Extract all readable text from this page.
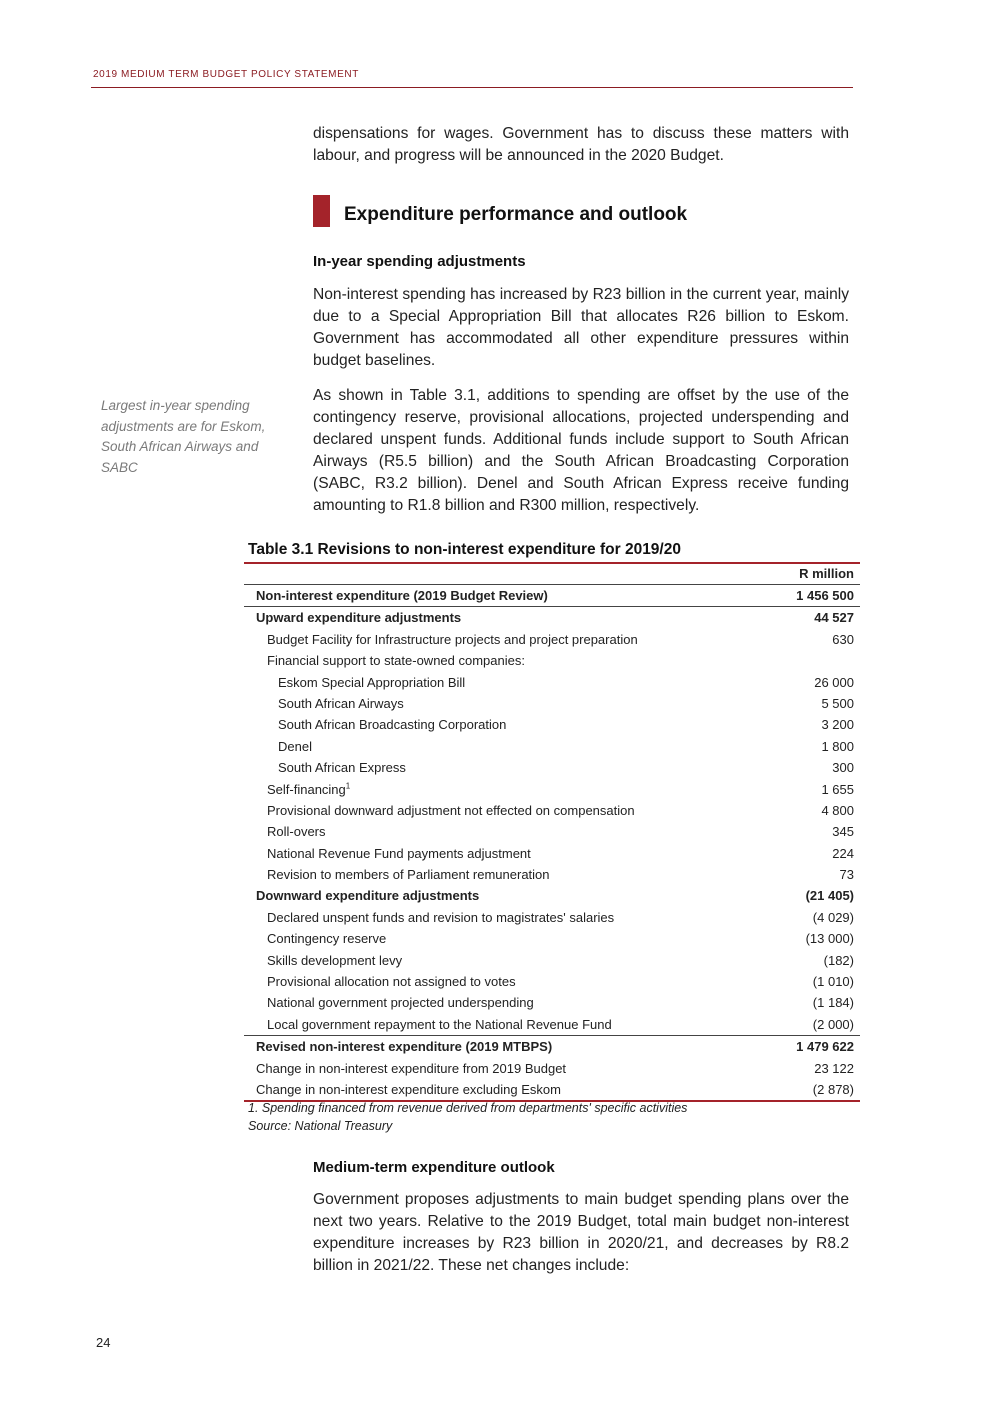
2019 MEDIUM TERM BUDGET POLICY STATEMENT

dispensations for wages. Government has to discuss these matters with labour, and progress will be announced in the 2020 Budget.

Expenditure performance and outlook
In-year spending adjustments

Non-interest spending has increased by R23 billion in the current year, mainly due to a Special Appropriation Bill that allocates R26 billion to Eskom. Government has accommodated all other expenditure pressures within budget baselines.

As shown in Table 3.1, additions to spending are offset by the use of the contingency reserve, provisional allocations, projected underspending and declared unspent funds. Additional funds include support to South African Airways (R5.5 billion) and the South African Broadcasting Corporation (SABC, R3.2 billion). Denel and South African Express receive funding amounting to R1.8 billion and R300 million, respectively.

Largest in-year spending adjustments are for Eskom, South African Airways and SABC
Table 3.1 Revisions to non-interest expenditure for 2019/20
R million
Non-interest expenditure (2019 Budget Review)	1 456 500
Upward expenditure adjustments	44 527
Budget Facility for Infrastructure projects and project preparation	630
Financial support to state-owned companies:
Eskom Special Appropriation Bill	26 000
South African Airways	5 500
South African Broadcasting Corporation	3 200
Denel	1 800
South African Express	300
Self-financing$^1$	1 655
Provisional downward adjustment not effected on compensation	4 800
Roll-overs	345
National Revenue Fund payments adjustment	224
Revision to members of Parliament remuneration	73
Downward expenditure adjustments	(21 405)
Declared unspent funds and revision to magistrates' salaries	(4 029)
Contingency reserve	(13 000)
Skills development levy	(182)
Provisional allocation not assigned to votes	(1 010)
National government projected underspending	(1 184)
Local government repayment to the National Revenue Fund	(2 000)
Revised non-interest expenditure (2019 MTBPS)	1 479 622
Change in non-interest expenditure from 2019 Budget	23 122
Change in non-interest expenditure excluding Eskom	(2 878)
1. Spending financed from revenue derived from departments' specific activities
Source: National Treasury
Medium-term expenditure outlook

Government proposes adjustments to main budget spending plans over the next two years. Relative to the 2019 Budget, total main budget non-interest expenditure increases by R23 billion in 2020/21, and decreases by R8.2 billion in 2021/22. These net changes include:

24
